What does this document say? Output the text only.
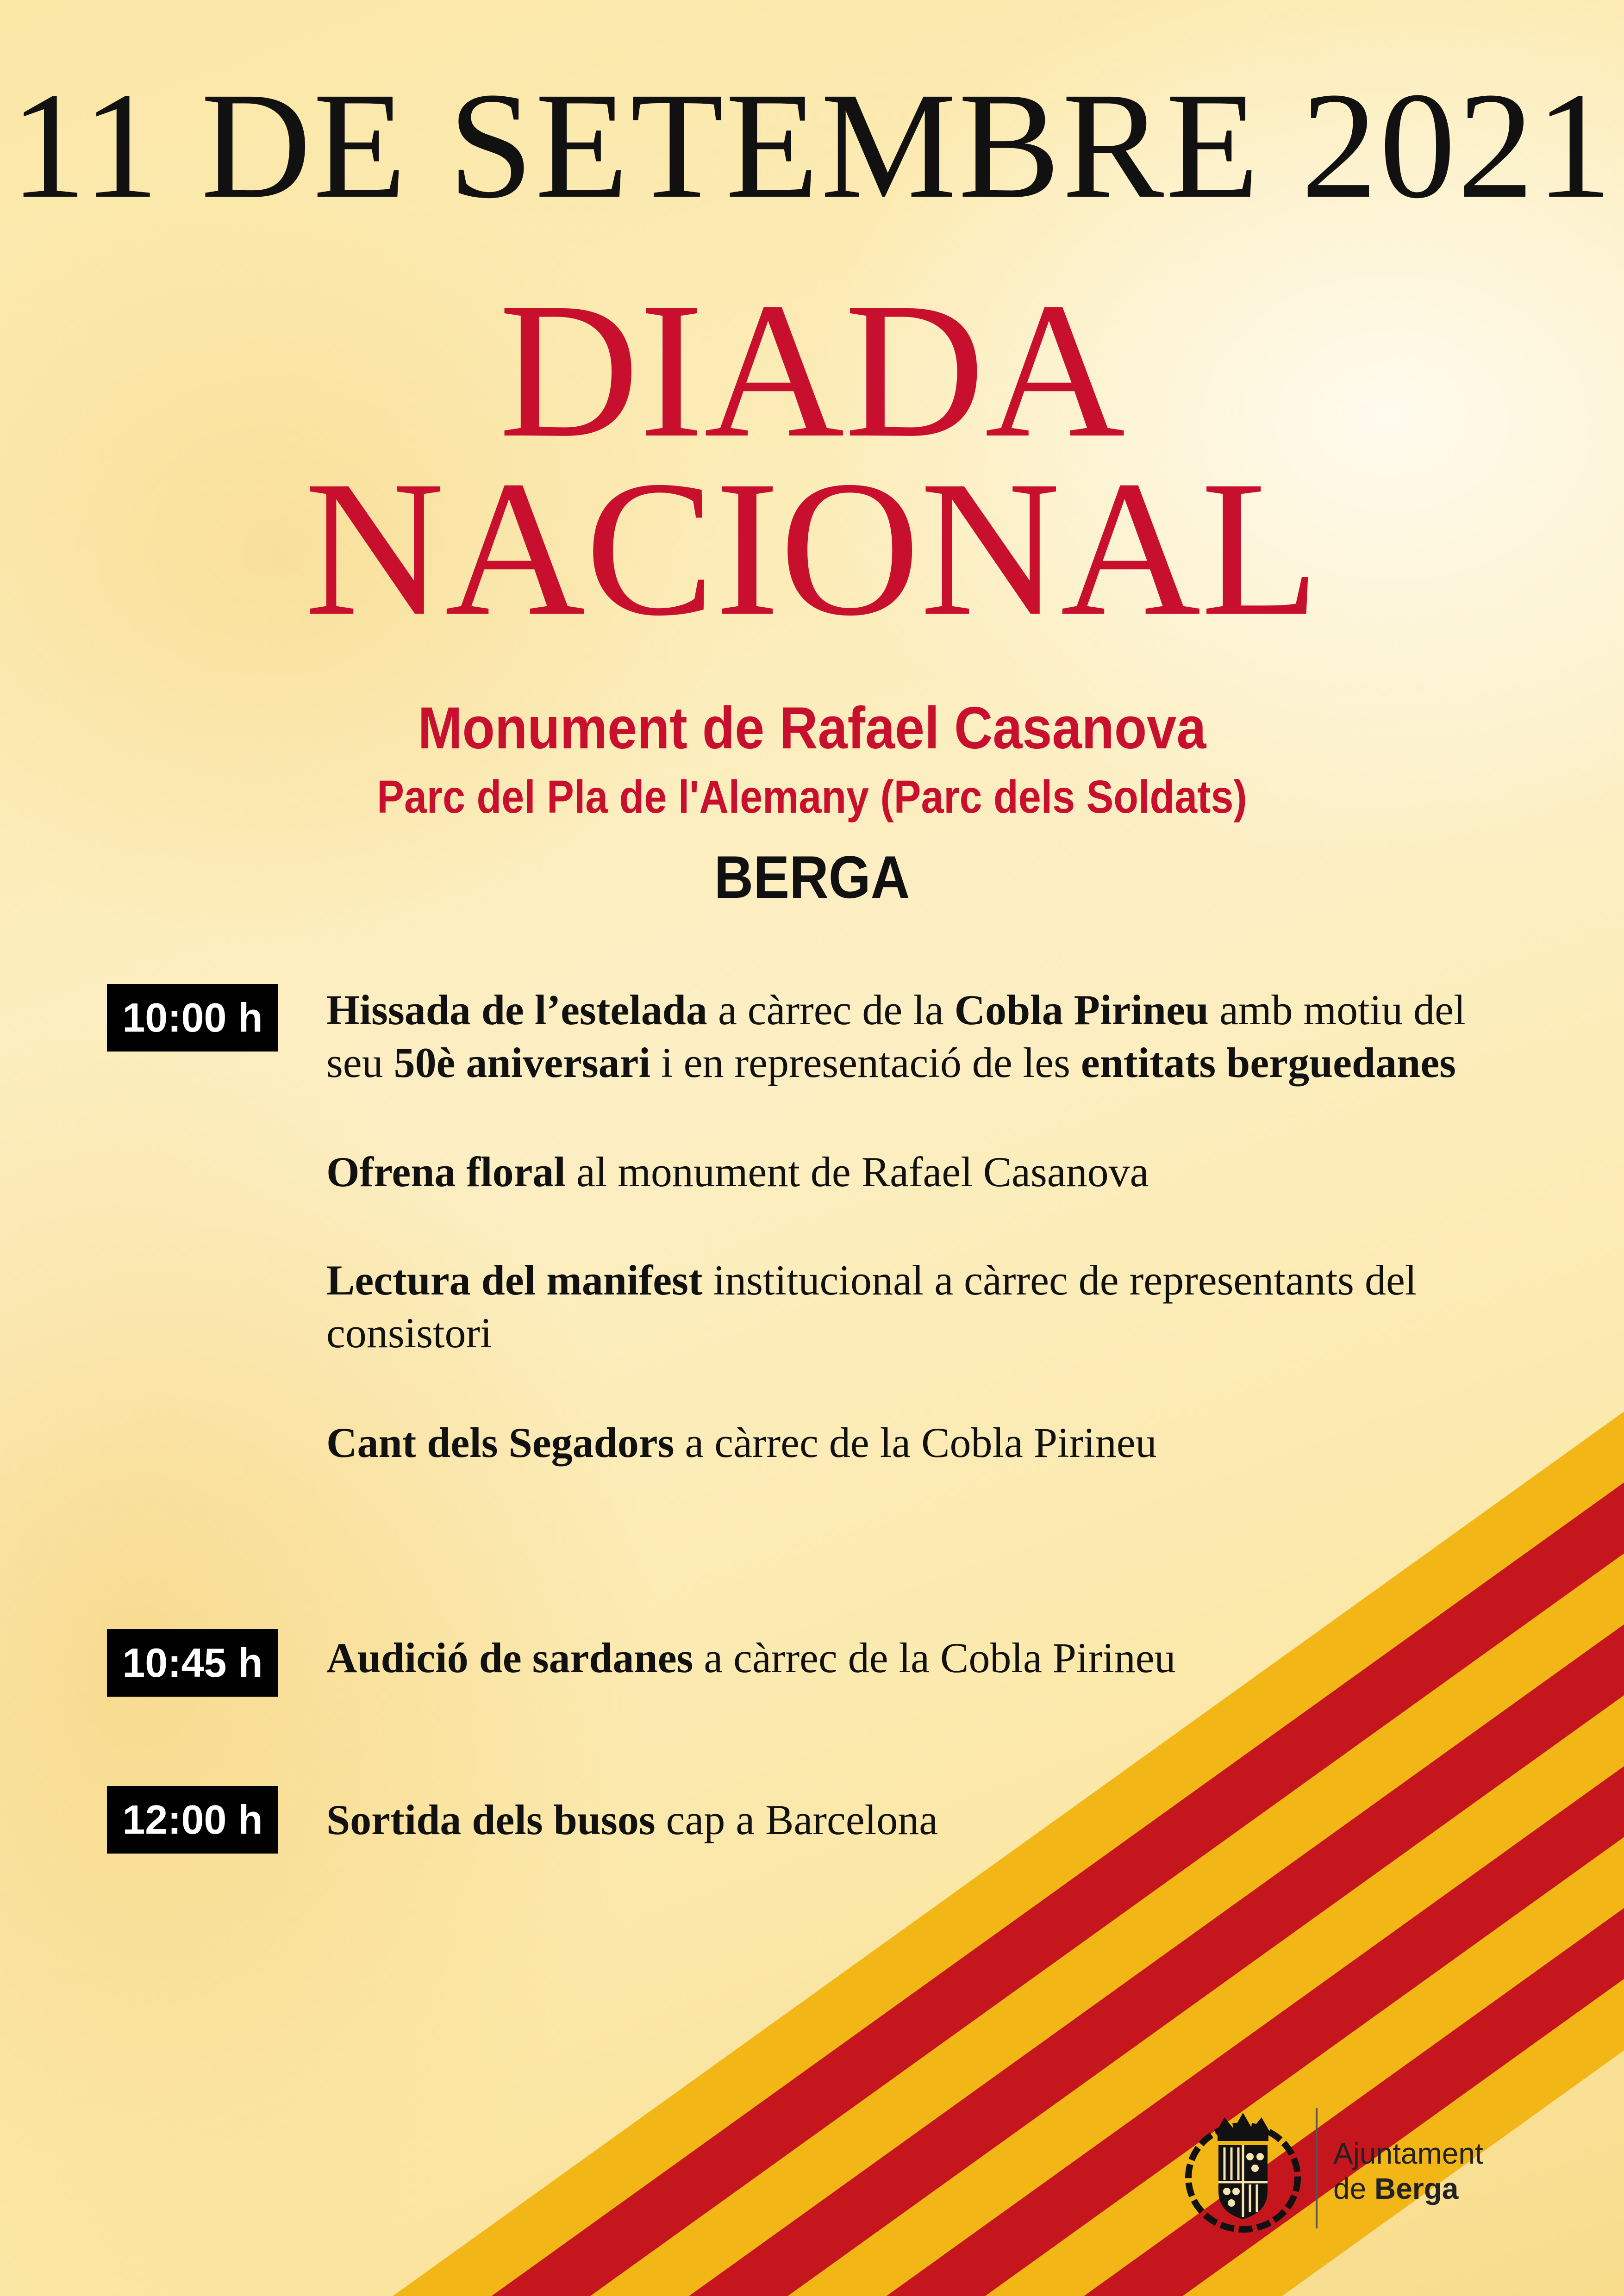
11 DE SETEMBRE 2021
DIADA
NACIONAL
Monument de Rafael Casanova
Parc del Pla de l'Alemany (Parc dels Soldats)
BERGA
10:00 h	Hissada de l’estelada a càrrec de la Cobla Pirineu amb motiu del seu 50è aniversari i en representació de les entitats berguedanes
Ofrena floral al monument de Rafael Casanova
Lectura del manifest institucional a càrrec de representants del consistori
Cant dels Segadors a càrrec de la Cobla Pirineu
10:45 h	Audició de sardanes a càrrec de la Cobla Pirineu
12:00 h	Sortida dels busos cap a Barcelona
Ajuntament
de Berga
